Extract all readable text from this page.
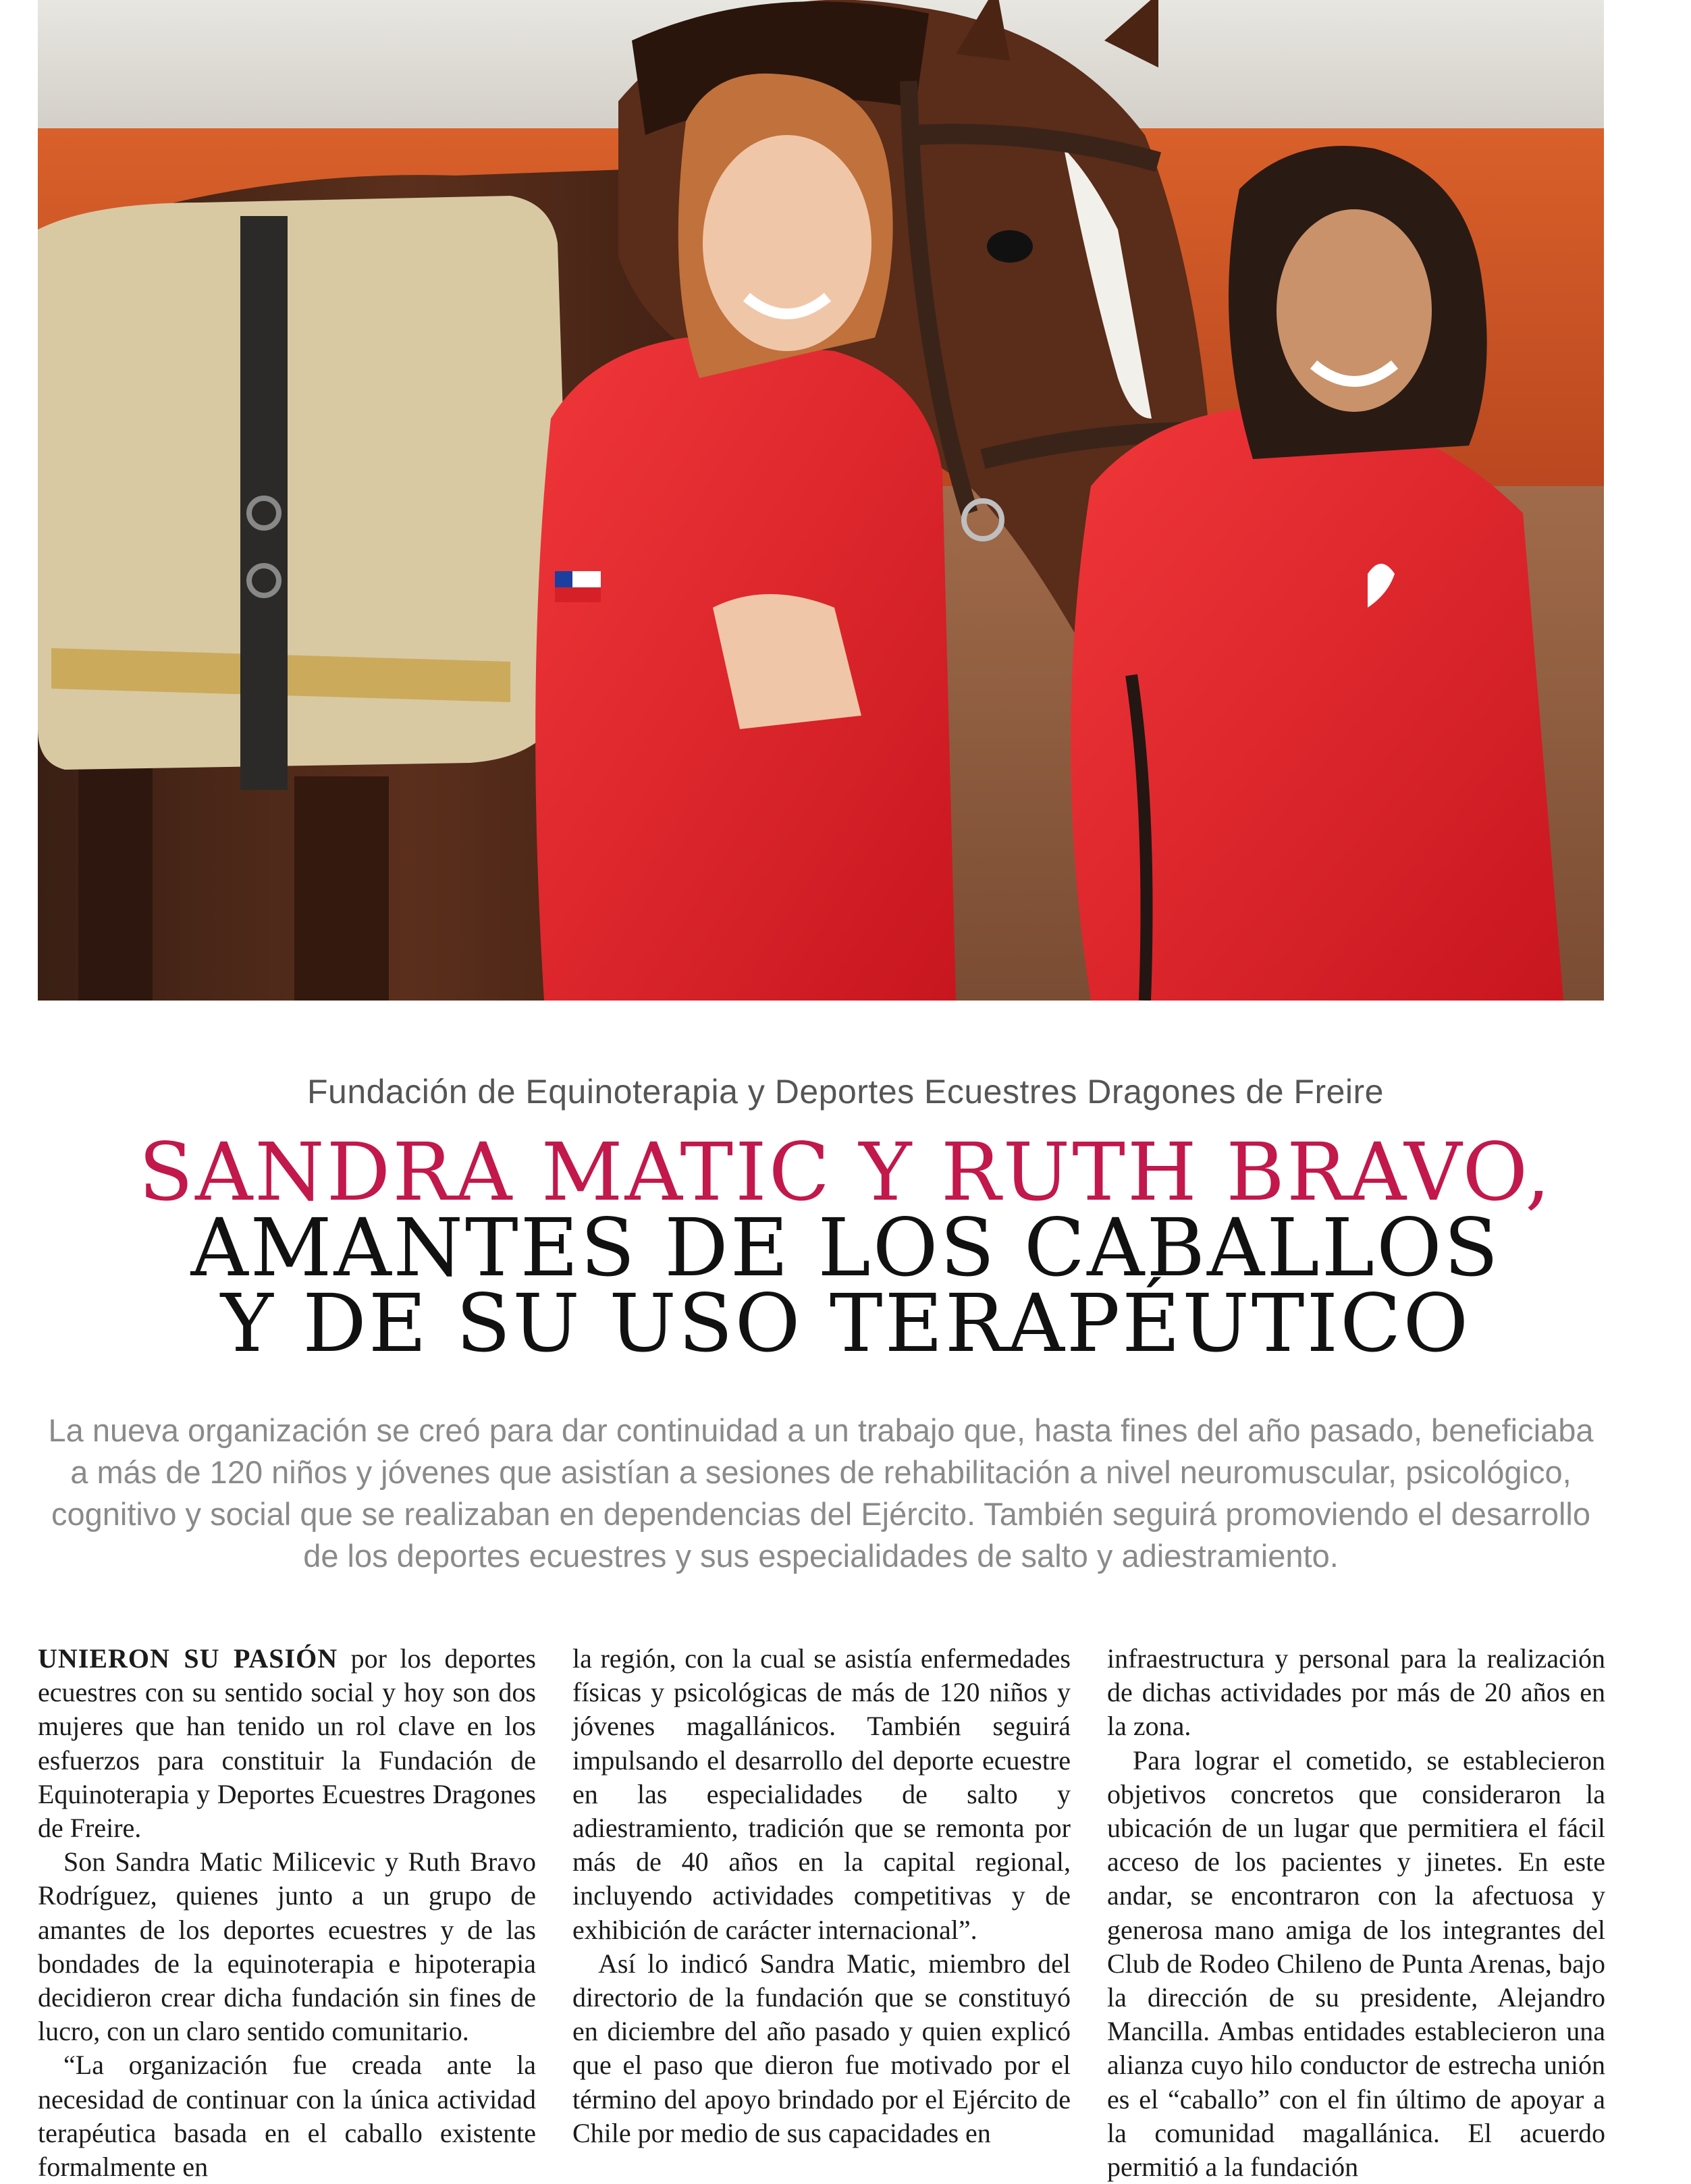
Fundación de Equinoterapia y Deportes Ecuestres Dragones de Freire
SANDRA MATIC Y RUTH BRAVO,
AMANTES DE LOS CABALLOS
Y DE SU USO TERAPÉUTICO
La nueva organización se creó para dar continuidad a un trabajo que, hasta fines del año pasado, beneficiaba a más de 120 niños y jóvenes que asistían a sesiones de rehabilitación a nivel neuromuscular, psicológico, cognitivo y social que se realizaban en dependencias del Ejército. También seguirá promoviendo el desarrollo de los deportes ecuestres y sus especialidades de salto y adiestramiento.

UNIERON SU PASIÓN por los deportes ecuestres con su sentido social y hoy son dos mujeres que han tenido un rol clave en los esfuerzos para constituir la Fundación de Equinoterapia y Deportes Ecuestres Dragones de Freire.

Son Sandra Matic Milicevic y Ruth Bravo Rodríguez, quienes junto a un grupo de amantes de los deportes ecuestres y de las bondades de la equinoterapia e hipoterapia decidieron crear dicha fundación sin fines de lucro, con un claro sentido comunitario.

“La organización fue creada ante la necesidad de continuar con la única actividad terapéutica basada en el caballo existente formalmente en

la región, con la cual se asistía enfermedades físicas y psicológicas de más de 120 niños y jóvenes magallánicos. También seguirá impulsando el desarrollo del deporte ecuestre en las especialidades de salto y adiestramiento, tradición que se remonta por más de 40 años en la capital regional, incluyendo actividades competitivas y de exhibición de carácter internacional”.

Así lo indicó Sandra Matic, miembro del directorio de la fundación que se constituyó en diciembre del año pasado y quien explicó que el paso que dieron fue motivado por el término del apoyo brindado por el Ejército de Chile por medio de sus capacidades en

infraestructura y personal para la realización de dichas actividades por más de 20 años en la zona.

Para lograr el cometido, se establecieron objetivos concretos que consideraron la ubicación de un lugar que permitiera el fácil acceso de los pacientes y jinetes. En este andar, se encontraron con la afectuosa y generosa mano amiga de los integrantes del Club de Rodeo Chileno de Punta Arenas, bajo la dirección de su presidente, Alejandro Mancilla. Ambas entidades establecieron una alianza cuyo hilo conductor de estrecha unión es el “caballo” con el fin último de apoyar a la comunidad magallánica. El acuerdo permitió a la fundación
